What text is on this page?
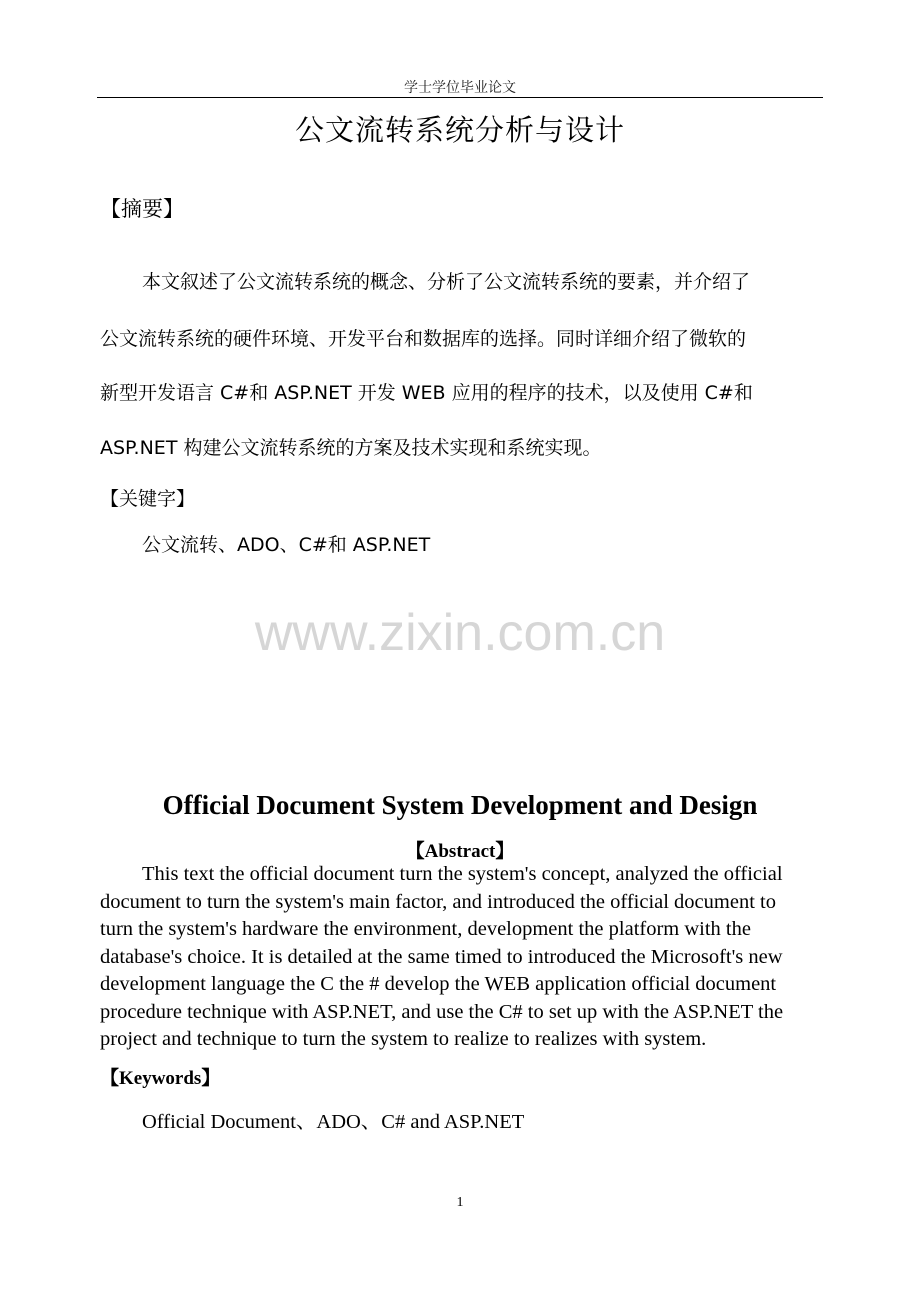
学士学位毕业论文
公文流转系统分析与设计
【摘要】
本文叙述了公文流转系统的概念、分析了公文流转系统的要素，并介绍了
公文流转系统的硬件环境、开发平台和数据库的选择。同时详细介绍了微软的
新型开发语言 C#和 ASP.NET 开发 WEB 应用的程序的技术，以及使用 C#和
ASP.NET 构建公文流转系统的方案及技术实现和系统实现。
【关键字】
公文流转、ADO、C#和 ASP.NET
www.zixin.com.cn
Official Document System Development and Design
【Abstract】
This text the official document turn the system's concept, analyzed the official
document to turn the system's main factor, and introduced the official document to
turn the system's hardware the environment, development the platform with the
database's choice. It is detailed at the same timed to introduced the Microsoft's new
development language the C the # develop the WEB application official document
procedure technique with ASP.NET, and use the C# to set up with the ASP.NET the
project and technique to turn the system to realize to realizes with system.
【Keywords】
Official Document、ADO、C# and ASP.NET
1
